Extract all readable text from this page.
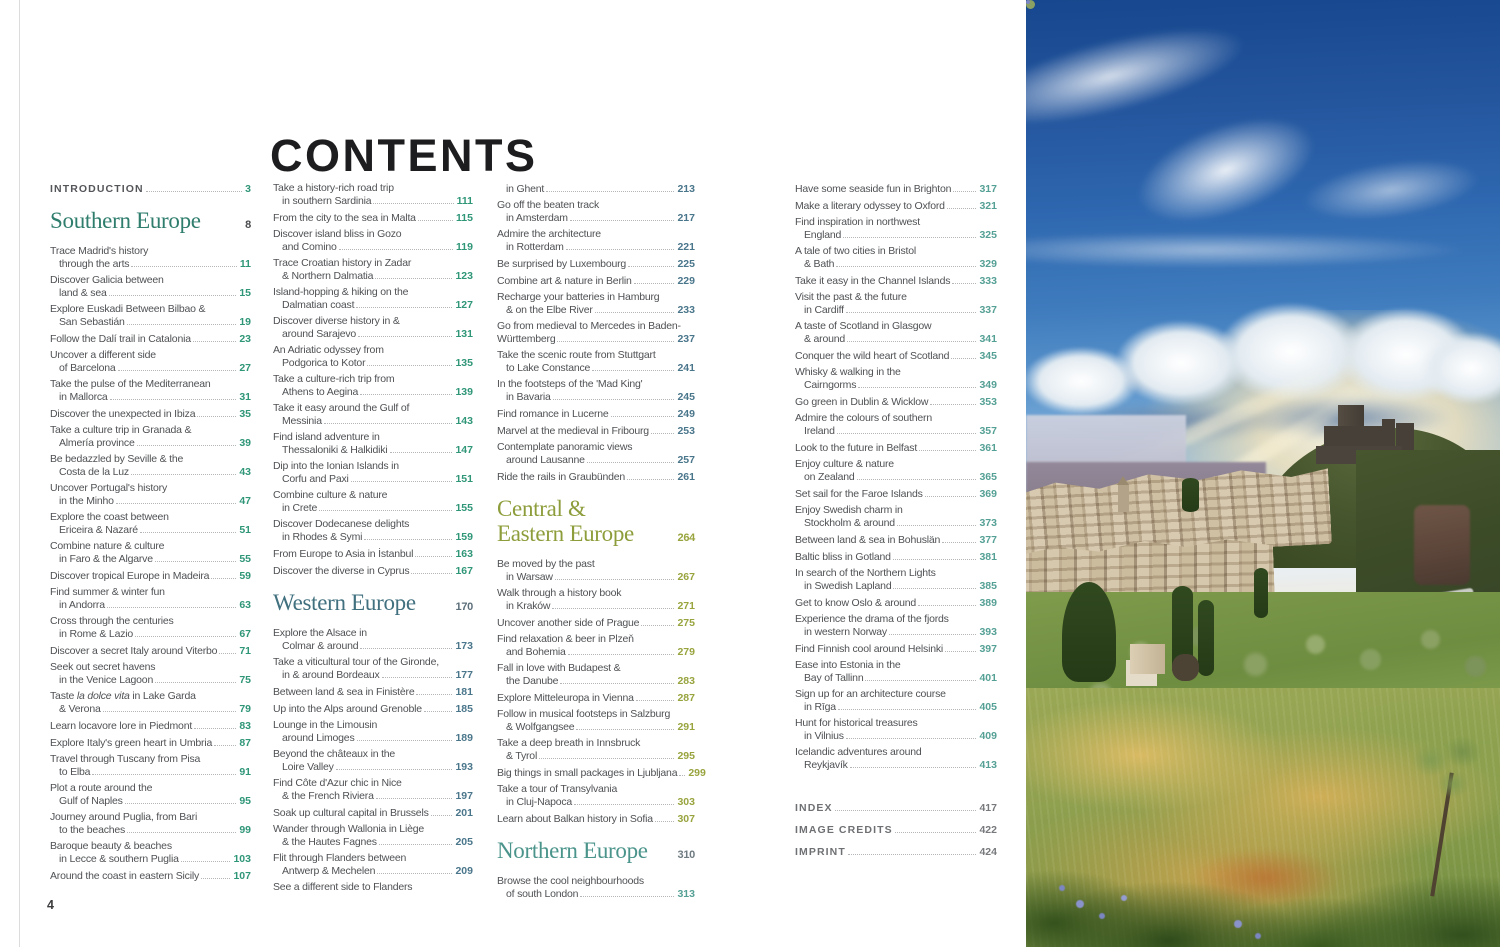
CONTENTS
INTRODUCTION	3
Southern Europe	8
Trace Madrid's history
through the arts	11
Discover Galicia between
land & sea	15
Explore Euskadi Between Bilbao &
San Sebastián	19
Follow the Dalí trail in Catalonia	23
Uncover a different side
of Barcelona	27
Take the pulse of the Mediterranean
in Mallorca	31
Discover the unexpected in Ibiza	35
Take a culture trip in Granada &
Almería province	39
Be bedazzled by Seville & the
Costa de la Luz	43
Uncover Portugal's history
in the Minho	47
Explore the coast between
Ericeira & Nazaré	51
Combine nature & culture
in Faro & the Algarve	55
Discover tropical Europe in Madeira	59
Find summer & winter fun
in Andorra	63
Cross through the centuries
in Rome & Lazio	67
Discover a secret Italy around Viterbo 71
Seek out secret havens
in the Venice Lagoon	75
Taste la dolce vita in Lake Garda
& Verona	79
Learn locavore lore in Piedmont	83
Explore Italy's green heart in Umbria	87
Travel through Tuscany from Pisa
to Elba	91
Plot a route around the
Gulf of Naples	95
Journey around Puglia, from Bari
to the beaches	99
Baroque beauty & beaches
in Lecce & southern Puglia	103
Around the coast in eastern Sicily	107
Take a history-rich road trip
in southern Sardinia	111
From the city to the sea in Malta	115
Discover island bliss in Gozo
and Comino	119
Trace Croatian history in Zadar
& Northern Dalmatia	123
Island-hopping & hiking on the
Dalmatian coast	127
Discover diverse history in &
around Sarajevo	131
An Adriatic odyssey from
Podgorica to Kotor	135
Take a culture-rich trip from
Athens to Aegina	139
Take it easy around the Gulf of
Messinia	143
Find island adventure in
Thessaloniki & Halkidiki	147
Dip into the Ionian Islands in
Corfu and Paxi	151
Combine culture & nature
in Crete	155
Discover Dodecanese delights
in Rhodes & Symi	159
From Europe to Asia in İstanbul	163
Discover the diverse in Cyprus	167
Western Europe	170
Explore the Alsace in
Colmar & around	173
Take a viticultural tour of the Gironde,
in & around Bordeaux	177
Between land & sea in Finistère	181
Up into the Alps around Grenoble	185
Lounge in the Limousin
around Limoges	189
Beyond the châteaux in the
Loire Valley	193
Find Côte d'Azur chic in Nice
& the French Riviera	197
Soak up cultural capital in Brussels	201
Wander through Wallonia in Liège
& the Hautes Fagnes	205
Flit through Flanders between
Antwerp & Mechelen	209
See a different side to Flanders
in Ghent	213
Go off the beaten track
in Amsterdam	217
Admire the architecture
in Rotterdam	221
Be surprised by Luxembourg	225
Combine art & nature in Berlin	229
Recharge your batteries in Hamburg
& on the Elbe River	233
Go from medieval to Mercedes in Baden-
Württemberg	237
Take the scenic route from Stuttgart
to Lake Constance	241
In the footsteps of the 'Mad King'
in Bavaria	245
Find romance in Lucerne	249
Marvel at the medieval in Fribourg	253
Contemplate panoramic views
around Lausanne	257
Ride the rails in Graubünden	261
Central &
Eastern Europe	264
Be moved by the past
in Warsaw	267
Walk through a history book
in Kraków	271
Uncover another side of Prague	275
Find relaxation & beer in Plzeň
and Bohemia	279
Fall in love with Budapest &
the Danube	283
Explore Mitteleuropa in Vienna	287
Follow in musical footsteps in Salzburg
& Wolfgangsee	291
Take a deep breath in Innsbruck
& Tyrol	295
Big things in small packages in Ljubljana 299
Take a tour of Transylvania
in Cluj-Napoca	303
Learn about Balkan history in Sofia 307
Northern Europe	310
Browse the cool neighbourhoods
of south London	313
Have some seaside fun in Brighton	317
Make a literary odyssey to Oxford	321
Find inspiration in northwest
England	325
A tale of two cities in Bristol
& Bath	329
Take it easy in the Channel Islands	333
Visit the past & the future
in Cardiff	337
A taste of Scotland in Glasgow
& around	341
Conquer the wild heart of Scotland	345
Whisky & walking in the
Cairngorms	349
Go green in Dublin & Wicklow	353
Admire the colours of southern
Ireland	357
Look to the future in Belfast	361
Enjoy culture & nature
on Zealand	365
Set sail for the Faroe Islands	369
Enjoy Swedish charm in
Stockholm & around	373
Between land & sea in Bohuslän	377
Baltic bliss in Gotland	381
In search of the Northern Lights
in Swedish Lapland	385
Get to know Oslo & around	389
Experience the drama of the fjords
in western Norway	393
Find Finnish cool around Helsinki	397
Ease into Estonia in the
Bay of Tallinn	401
Sign up for an architecture course
in Rīga	405
Hunt for historical treasures
in Vilnius	409
Icelandic adventures around
Reykjavík	413
INDEX	417
IMAGE CREDITS	422
IMPRINT	424
4
